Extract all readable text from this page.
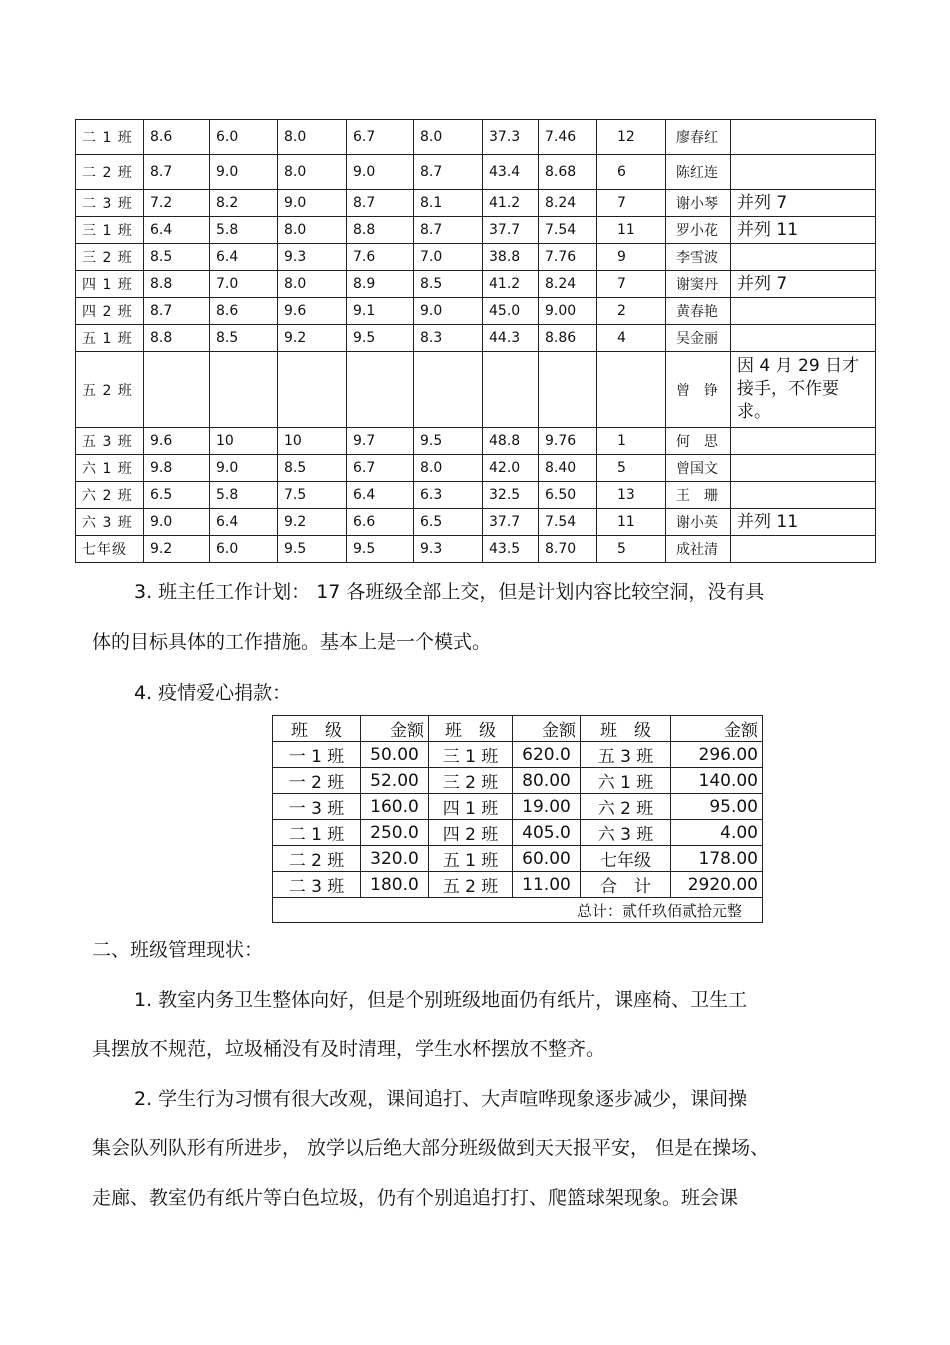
二 1 班	8.6	6.0	8.0	6.7	8.0	37.3	7.46	12	廖春红	
二 2 班	8.7	9.0	8.0	9.0	8.7	43.4	8.68	6	陈红连	
二 3 班	7.2	8.2	9.0	8.7	8.1	41.2	8.24	7	谢小琴	并列 7
三 1 班	6.4	5.8	8.0	8.8	8.7	37.7	7.54	11	罗小花	并列 11
三 2 班	8.5	6.4	9.3	7.6	7.0	38.8	7.76	9	李雪波	
四 1 班	8.8	7.0	8.0	8.9	8.5	41.2	8.24	7	谢窦丹	并列 7
四 2 班	8.7	8.6	9.6	9.1	9.0	45.0	9.00	2	黄春艳	
五 1 班	8.8	8.5	9.2	9.5	8.3	44.3	8.86	4	吴金丽	
五 2 班									曾　铮	因 4 月 29 日才接手，不作要求。
五 3 班	9.6	10	10	9.7	9.5	48.8	9.76	1	何　思	
六 1 班	9.8	9.0	8.5	6.7	8.0	42.0	8.40	5	曾国文	
六 2 班	6.5	5.8	7.5	6.4	6.3	32.5	6.50	13	王　珊	
六 3 班	9.0	6.4	9.2	6.6	6.5	37.7	7.54	11	谢小英	并列 11
七年级	9.2	6.0	9.5	9.5	9.3	43.5	8.70	5	成社清	
3. 班主任工作计划： 17 各班级全部上交，但是计划内容比较空洞，没有具
体的目标具体的工作措施。基本上是一个模式。
4. 疫情爱心捐款：
班　级	金额	班　级	金额	班　级	金额
一 1 班	50.00	三 1 班	620.0	五 3 班	296.00
一 2 班	52.00	三 2 班	80.00	六 1 班	140.00
一 3 班	160.0	四 1 班	19.00	六 2 班	95.00
二 1 班	250.0	四 2 班	405.0	六 3 班	4.00
二 2 班	320.0	五 1 班	60.00	七年级	178.00
二 3 班	180.0	五 2 班	11.00	合　计	2920.00
总计：贰仟玖佰贰拾元整					
二、班级管理现状：
1. 教室内务卫生整体向好，但是个别班级地面仍有纸片，课座椅、卫生工
具摆放不规范，垃圾桶没有及时清理，学生水杯摆放不整齐。
2. 学生行为习惯有很大改观，课间追打、大声喧哗现象逐步减少，课间操
集会队列队形有所进步， 放学以后绝大部分班级做到天天报平安， 但是在操场、
走廊、教室仍有纸片等白色垃圾，仍有个别追追打打、爬篮球架现象。班会课
